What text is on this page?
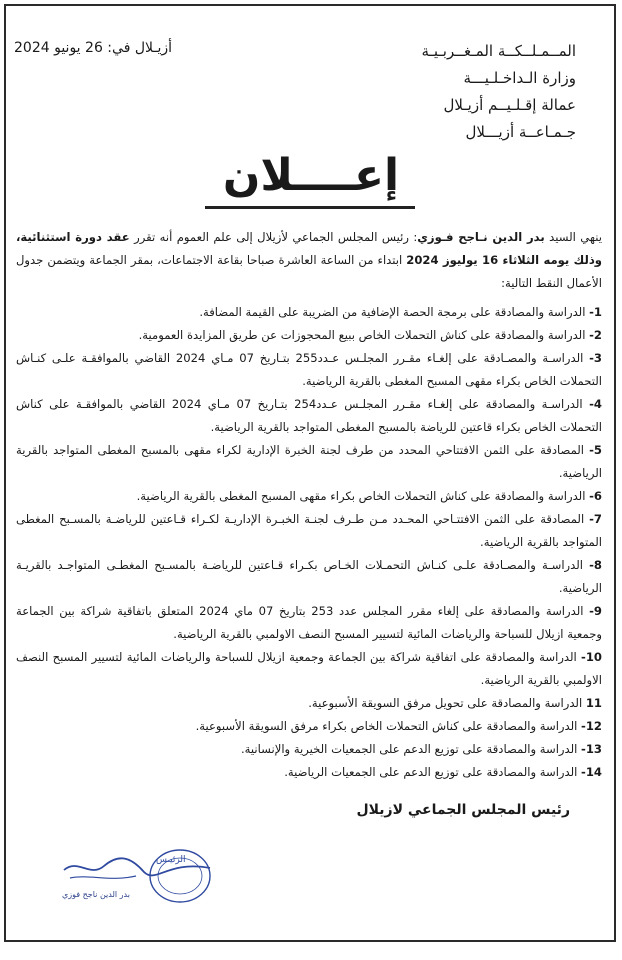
المــمـلــكــة المـغــربـيـة
وزارة الـداخـلـيـــة
عمالة إقـلـيــم أزيـلال
جـمـاعــة أزيـــلال
أزيـلال في: 26 يونيو 2024
إعــــلان

ينهي السيد بدر الدين نـاجح فـوزي: رئيس المجلس الجماعي لأزيلال إلى علم العموم أنه تقرر عقد دورة استثنائية، وذلك يومه الثلاثاء 16 يوليوز 2024 ابتداء من الساعة العاشرة صباحا بقاعة الاجتماعات، بمقر الجماعة ويتضمن جدول الأعمال النقط التالية:

1- الدراسة والمصادقة على برمجة الحصة الإضافية من الضريبة على القيمة المضافة.
2- الدراسة والمصادقة على كناش التحملات الخاص ببيع المحجوزات عن طريق المزايدة العمومية.
3- الدراسـة والمصـادقة على إلغـاء مقـرر المجلـس عـدد255 بتـاريخ 07 مـاي 2024 القاضي بالموافقـة علـى كنـاش التحملات الخاص بكراء مقهى المسبح المغطى بالقرية الرياضية.
4- الدراسـة والمصادقة على إلغـاء مقـرر المجلـس عـدد254 بتـاريخ 07 مـاي 2024 القاضي بالموافقـة على كناش التحملات الخاص بكراء قاعتين للرياضة بالمسبح المغطى المتواجد بالقرية الرياضية.
5- المصادقة على الثمن الافتتاحي المحدد من طرف لجنة الخبرة الإدارية لكراء مقهى بالمسبح المغطى المتواجد بالقرية الرياضية.
6- الدراسة والمصادقة على كناش التحملات الخاص بكراء مقهى المسبح المغطى بالقرية الرياضية.
7- المصادقة على الثمن الافتتـاحي المحـدد مـن طـرف لجنـة الخبـرة الإداريـة لكـراء قـاعتين للرياضـة بالمسـبح المغطى المتواجد بالقرية الرياضية.
8- الدراسـة والمصـادقة علـى كنـاش التحمـلات الخـاص بكـراء قـاعتين للرياضـة بالمسـبح المغطـى المتواجـد بالقريـة الرياضية.
9- الدراسة والمصادقة على إلغاء مقرر المجلس عدد 253 بتاريخ 07 ماي 2024 المتعلق باتفاقية شراكة بين الجماعة وجمعية ازيلال للسباحة والرياضات المائية لتسيير المسبح النصف الاولمبي بالقرية الرياضية.
10- الدراسة والمصادقة على اتفاقية شراكة بين الجماعة وجمعية ازيلال للسباحة والرياضات المائية لتسيير المسبح النصف الاولمبي بالقرية الرياضية.
11 الدراسة والمصادقة على تحويل مرفق السويقة الأسبوعية.
12- الدراسة والمصادقة على كناش التحملات الخاص بكراء مرفق السويقة الأسبوعية.
13- الدراسة والمصادقة على توزيع الدعم على الجمعيات الخيرية والإنسانية.
14- الدراسة والمصادقة على توزيع الدعم على الجمعيات الرياضية.
رئيس المجلس الجماعي لازيلال
الرئيـس
بدر الدين ناجح فوزي
